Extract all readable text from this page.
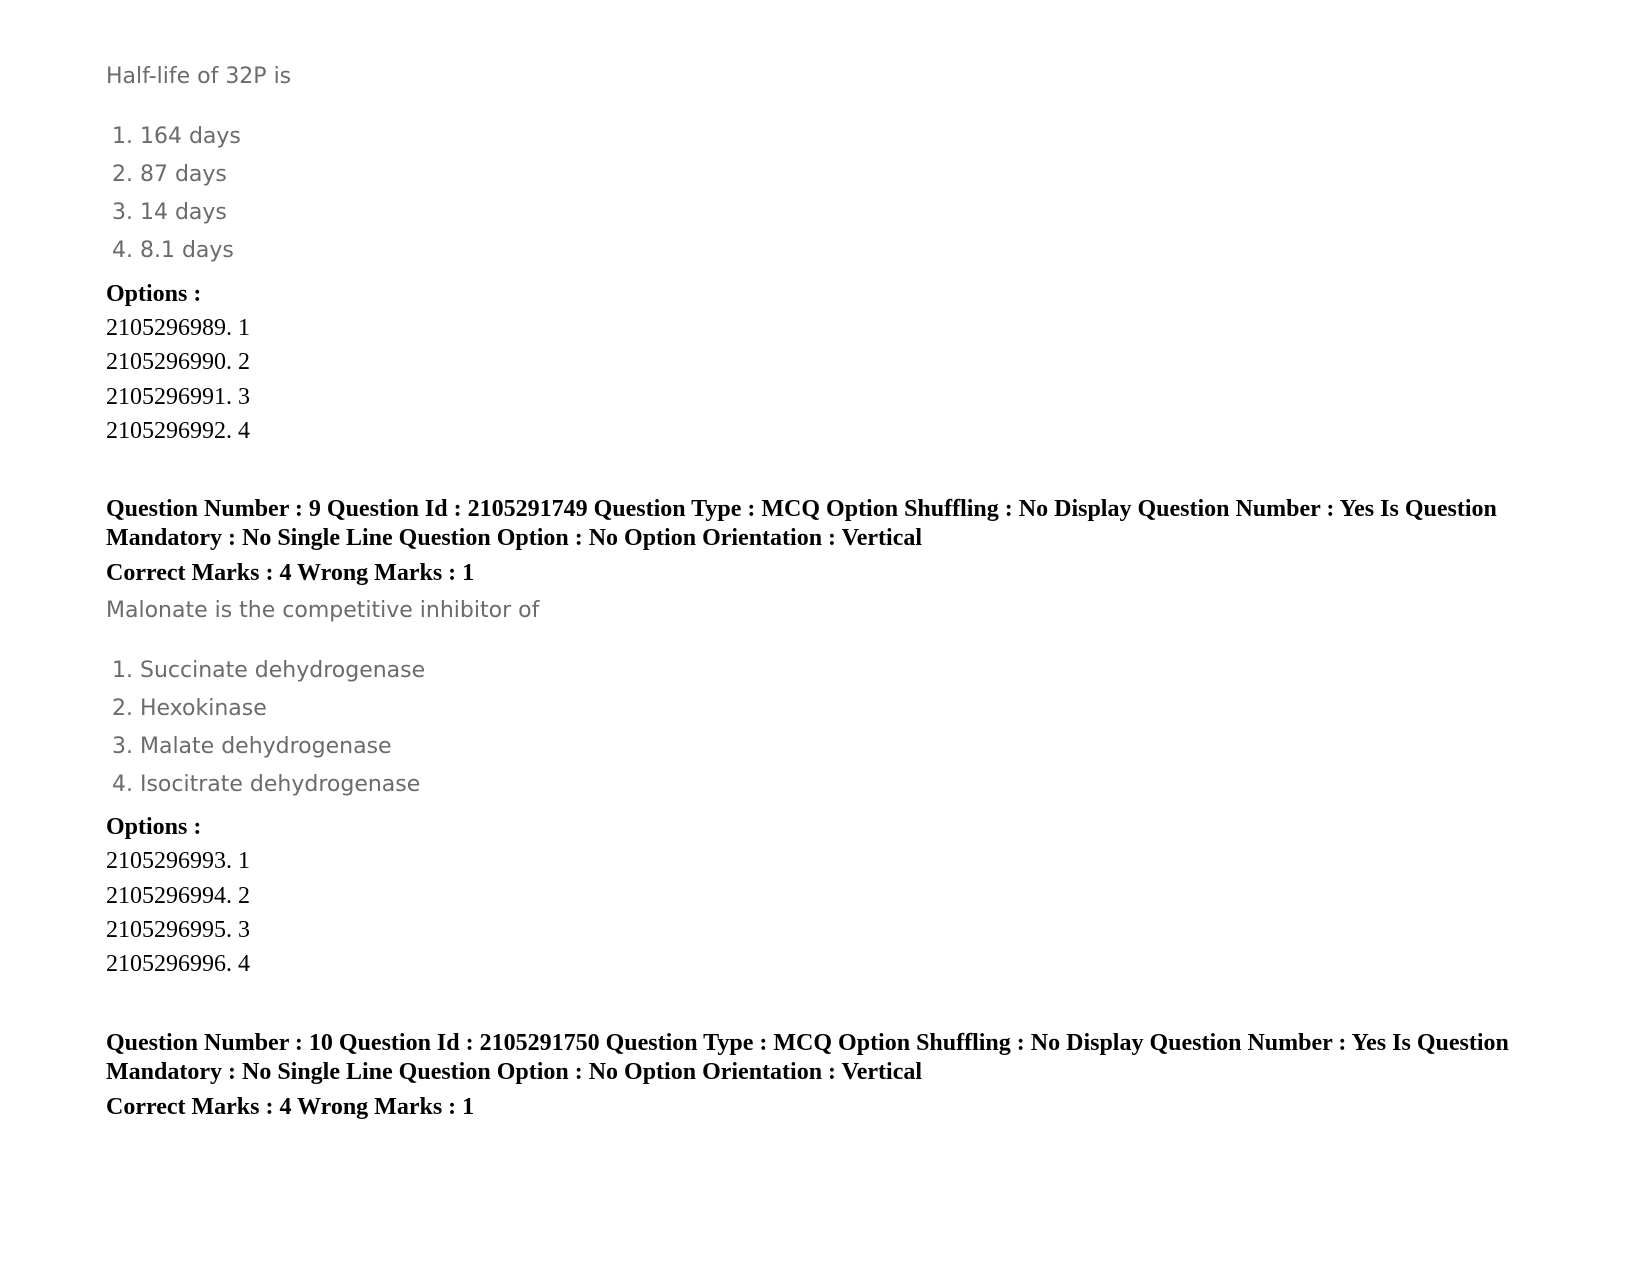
Half-life of 32P is
1. 164 days
2. 87 days
3. 14 days
4. 8.1 days
Options :
2105296989. 1
2105296990. 2
2105296991. 3
2105296992. 4
Question Number : 9 Question Id : 2105291749 Question Type : MCQ Option Shuffling : No Display Question Number : Yes Is Question Mandatory : No Single Line Question Option : No Option Orientation : Vertical
Correct Marks : 4 Wrong Marks : 1
Malonate is the competitive inhibitor of
1. Succinate dehydrogenase
2. Hexokinase
3. Malate dehydrogenase
4. Isocitrate dehydrogenase
Options :
2105296993. 1
2105296994. 2
2105296995. 3
2105296996. 4
Question Number : 10 Question Id : 2105291750 Question Type : MCQ Option Shuffling : No Display Question Number : Yes Is Question Mandatory : No Single Line Question Option : No Option Orientation : Vertical
Correct Marks : 4 Wrong Marks : 1
